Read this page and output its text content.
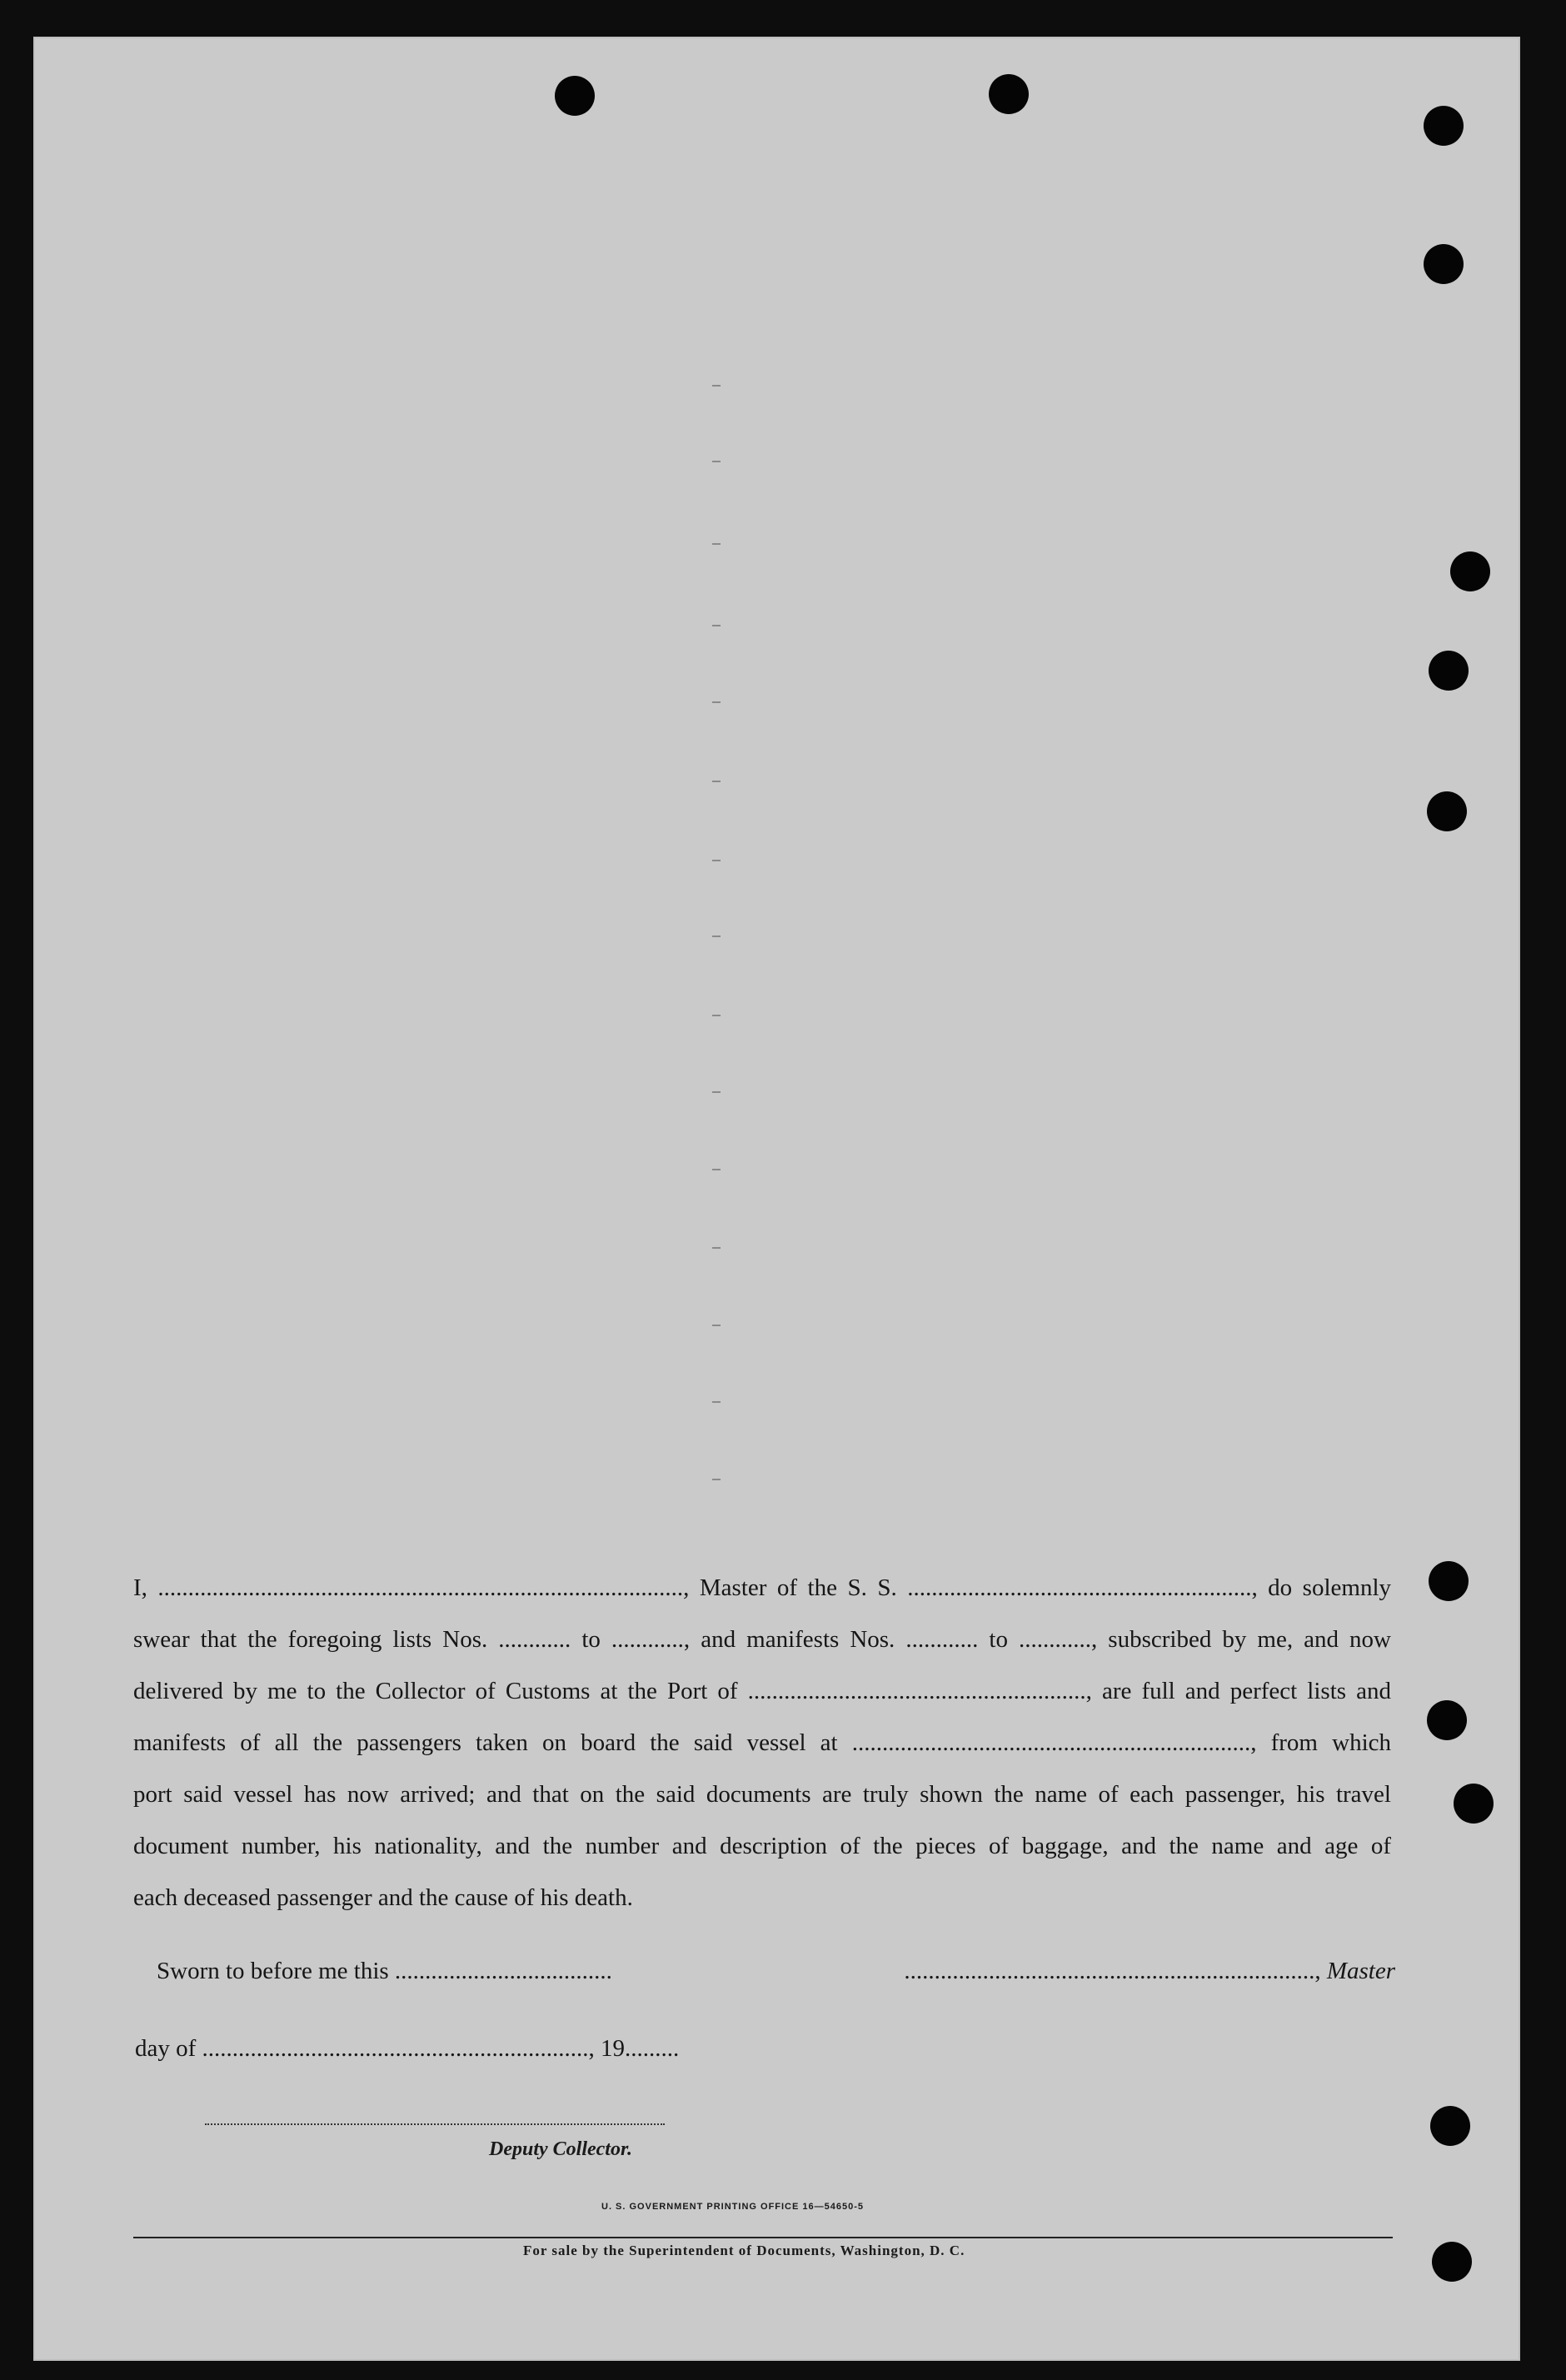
I, ......................................................................................., Master of the S. S. ........................................................., do solemnly
swear that the foregoing lists Nos. ............ to ............, and manifests Nos. ............ to ............, subscribed by me, and now
delivered by me to the Collector of Customs at the Port of ........................................................, are full and perfect lists and
manifests of all the passengers taken on board the said vessel at .................................................................., from which
port said vessel has now arrived; and that on the said documents are truly shown the name of each passenger, his travel
document number, his nationality, and the number and description of the pieces of baggage, and the name and age of
each deceased passenger and the cause of his death.
Sworn to before me this ....................................	...................................................................., Master
day of ................................................................, 19.........
Deputy Collector.
U. S. GOVERNMENT PRINTING OFFICE 16—54650-5
For sale by the Superintendent of Documents, Washington, D. C.
